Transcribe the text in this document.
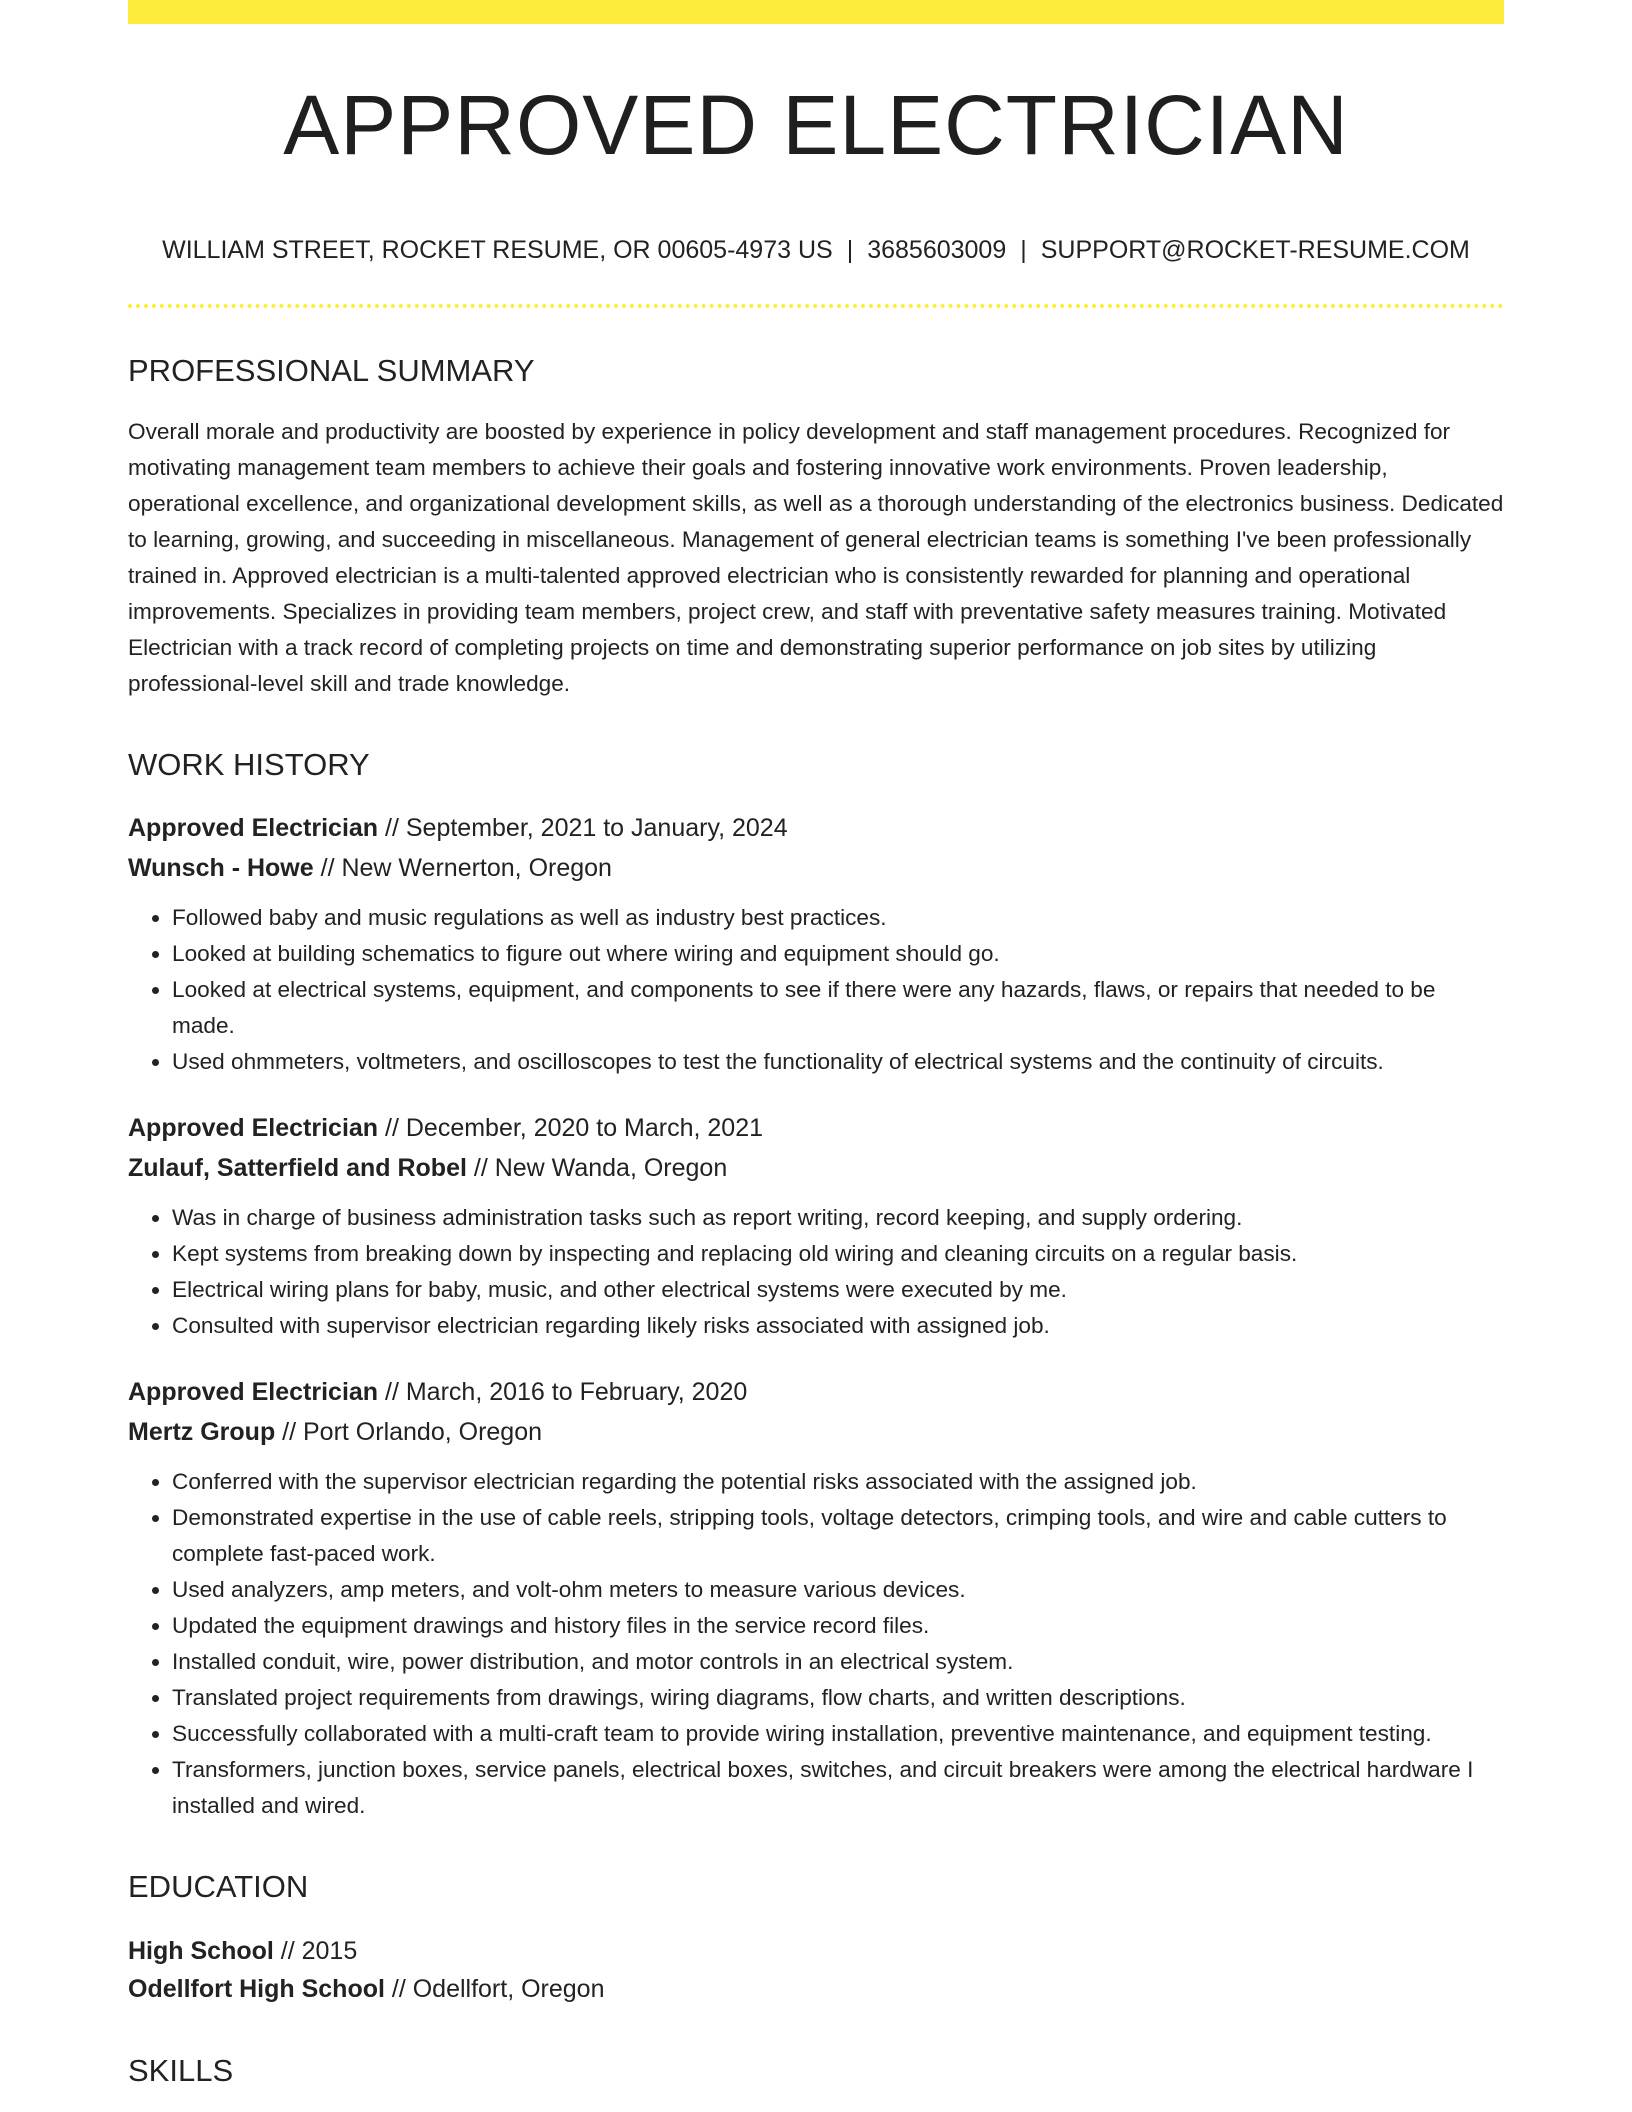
APPROVED ELECTRICIAN
WILLIAM STREET, ROCKET RESUME, OR 00605-4973 US | 3685603009 | SUPPORT@ROCKET-RESUME.COM
PROFESSIONAL SUMMARY
Overall morale and productivity are boosted by experience in policy development and staff management procedures. Recognized for motivating management team members to achieve their goals and fostering innovative work environments. Proven leadership, operational excellence, and organizational development skills, as well as a thorough understanding of the electronics business. Dedicated to learning, growing, and succeeding in miscellaneous. Management of general electrician teams is something I've been professionally trained in. Approved electrician is a multi-talented approved electrician who is consistently rewarded for planning and operational improvements. Specializes in providing team members, project crew, and staff with preventative safety measures training. Motivated Electrician with a track record of completing projects on time and demonstrating superior performance on job sites by utilizing professional-level skill and trade knowledge.
WORK HISTORY
Approved Electrician // September, 2021 to January, 2024
Wunsch - Howe // New Wernerton, Oregon
• Followed baby and music regulations as well as industry best practices.
• Looked at building schematics to figure out where wiring and equipment should go.
• Looked at electrical systems, equipment, and components to see if there were any hazards, flaws, or repairs that needed to be made.
• Used ohmmeters, voltmeters, and oscilloscopes to test the functionality of electrical systems and the continuity of circuits.
Approved Electrician // December, 2020 to March, 2021
Zulauf, Satterfield and Robel // New Wanda, Oregon
• Was in charge of business administration tasks such as report writing, record keeping, and supply ordering.
• Kept systems from breaking down by inspecting and replacing old wiring and cleaning circuits on a regular basis.
• Electrical wiring plans for baby, music, and other electrical systems were executed by me.
• Consulted with supervisor electrician regarding likely risks associated with assigned job.
Approved Electrician // March, 2016 to February, 2020
Mertz Group // Port Orlando, Oregon
• Conferred with the supervisor electrician regarding the potential risks associated with the assigned job.
• Demonstrated expertise in the use of cable reels, stripping tools, voltage detectors, crimping tools, and wire and cable cutters to complete fast-paced work.
• Used analyzers, amp meters, and volt-ohm meters to measure various devices.
• Updated the equipment drawings and history files in the service record files.
• Installed conduit, wire, power distribution, and motor controls in an electrical system.
• Translated project requirements from drawings, wiring diagrams, flow charts, and written descriptions.
• Successfully collaborated with a multi-craft team to provide wiring installation, preventive maintenance, and equipment testing.
• Transformers, junction boxes, service panels, electrical boxes, switches, and circuit breakers were among the electrical hardware I installed and wired.
EDUCATION
High School // 2015
Odellfort High School // Odellfort, Oregon
SKILLS
